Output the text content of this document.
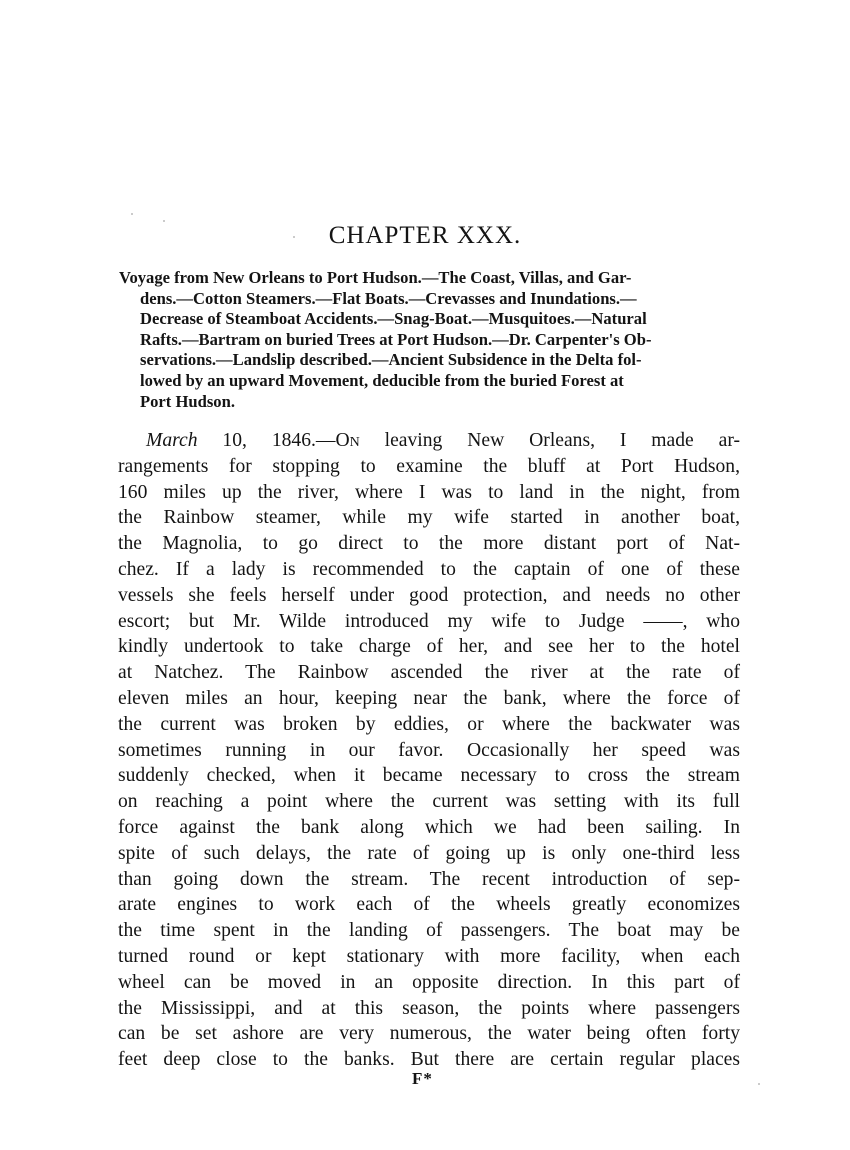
CHAPTER XXX.
Voyage from New Orleans to Port Hudson.—The Coast, Villas, and Gar-
dens.—Cotton Steamers.—Flat Boats.—Crevasses and Inundations.—
Decrease of Steamboat Accidents.—Snag-Boat.—Musquitoes.—Natural
Rafts.—Bartram on buried Trees at Port Hudson.—Dr. Carpenter's Ob-
servations.—Landslip described.—Ancient Subsidence in the Delta fol-
lowed by an upward Movement, deducible from the buried Forest at
Port Hudson.
March 10, 1846.—On leaving New Orleans, I made ar-
rangements for stopping to examine the bluff at Port Hudson,
160 miles up the river, where I was to land in the night, from
the Rainbow steamer, while my wife started in another boat,
the Magnolia, to go direct to the more distant port of Nat-
chez. If a lady is recommended to the captain of one of these
vessels she feels herself under good protection, and needs no other
escort; but Mr. Wilde introduced my wife to Judge ——, who
kindly undertook to take charge of her, and see her to the hotel
at Natchez. The Rainbow ascended the river at the rate of
eleven miles an hour, keeping near the bank, where the force of
the current was broken by eddies, or where the backwater was
sometimes running in our favor. Occasionally her speed was
suddenly checked, when it became necessary to cross the stream
on reaching a point where the current was setting with its full
force against the bank along which we had been sailing. In
spite of such delays, the rate of going up is only one-third less
than going down the stream. The recent introduction of sep-
arate engines to work each of the wheels greatly economizes
the time spent in the landing of passengers. The boat may be
turned round or kept stationary with more facility, when each
wheel can be moved in an opposite direction. In this part of
the Mississippi, and at this season, the points where passengers
can be set ashore are very numerous, the water being often forty
feet deep close to the banks. But there are certain regular places
F*
